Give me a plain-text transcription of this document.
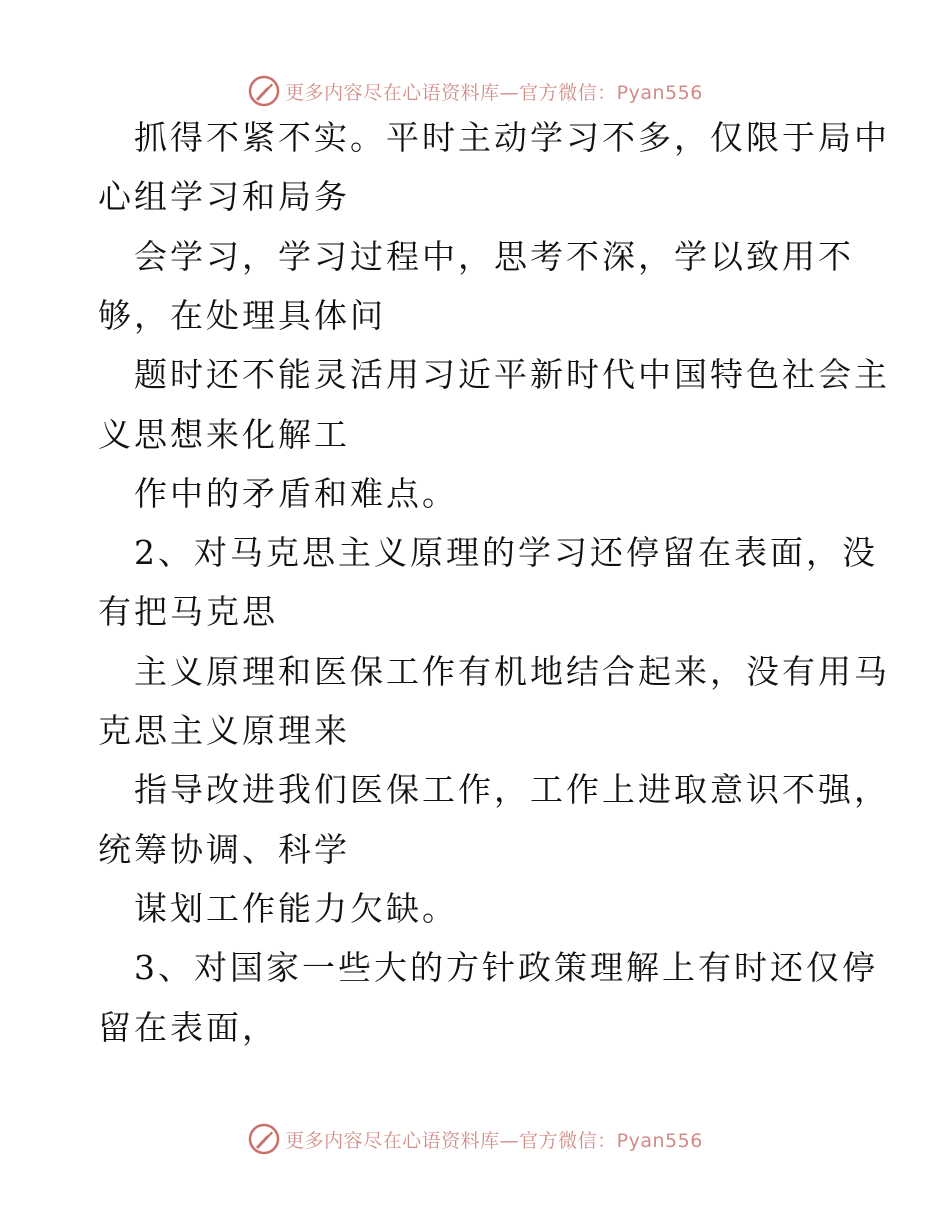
更多内容尽在心语资料库—官方微信：Pyan556
抓得不紧不实。平时主动学习不多，仅限于局中
心组学习和局务
会学习，学习过程中，思考不深，学以致用不
够，在处理具体问
题时还不能灵活用习近平新时代中国特色社会主
义思想来化解工
作中的矛盾和难点。
2、对马克思主义原理的学习还停留在表面，没
有把马克思
主义原理和医保工作有机地结合起来，没有用马
克思主义原理来
指导改进我们医保工作，工作上进取意识不强，
统筹协调、科学
谋划工作能力欠缺。
3、对国家一些大的方针政策理解上有时还仅停
留在表面，
更多内容尽在心语资料库—官方微信：Pyan556
